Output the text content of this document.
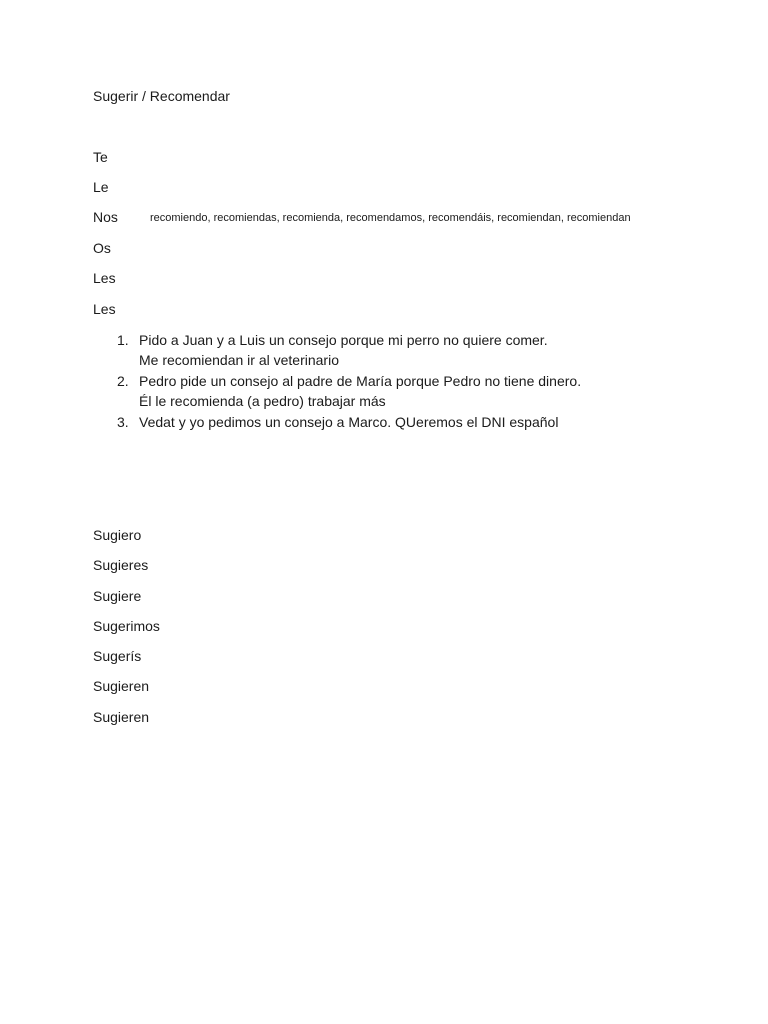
Sugerir / Recomendar
Te
Le
Nos
Os
Les
Les
recomiendo, recomiendas, recomienda, recomendamos, recomendáis, recomiendan, recomiendan
1. Pido a Juan y a Luis un consejo porque mi perro no quiere comer.
Me recomiendan ir al veterinario
2. Pedro pide un consejo al padre de María porque Pedro no tiene dinero.
Él le recomienda (a pedro) trabajar más
3. Vedat y yo pedimos un consejo a Marco. QUeremos el DNI español
Sugiero
Sugieres
Sugiere
Sugerimos
Sugerís
Sugieren
Sugieren
